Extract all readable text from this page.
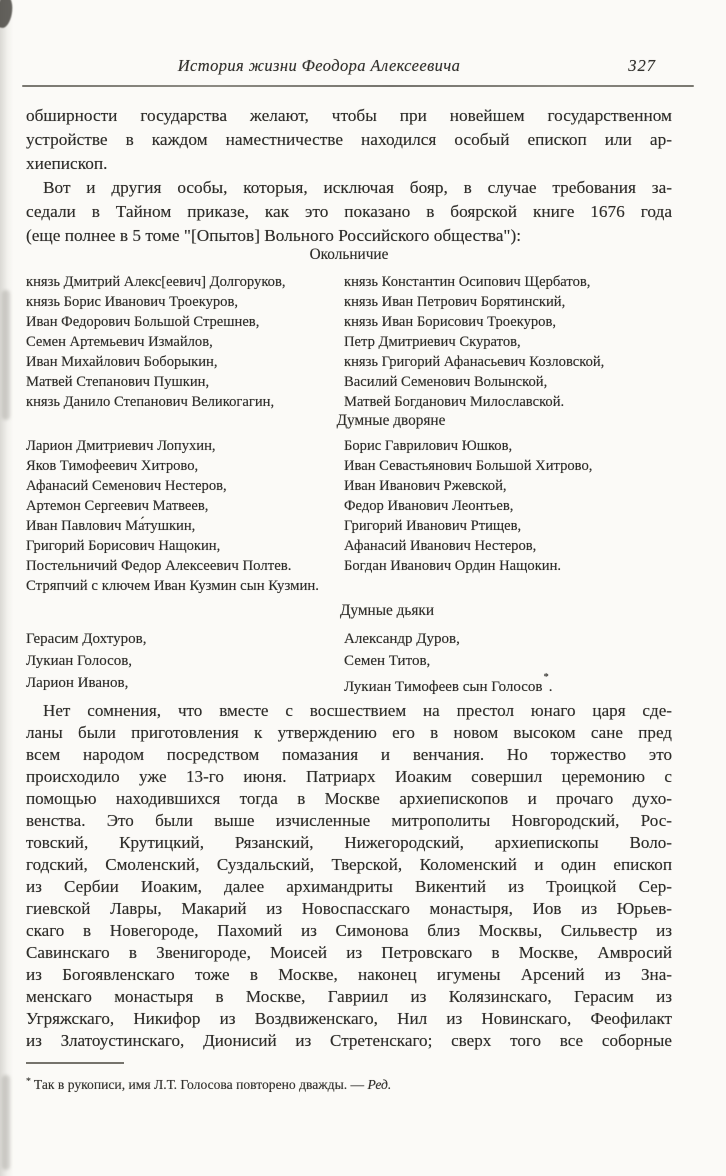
История жизни Феодора Алексеевича	327
обширности государства желают, чтобы при новейшем государственном
устройстве в каждом наместничестве находился особый епископ или ар-
хиепископ.
Вот и другия особы, которыя, исключая бояр, в случае требования за-
седали в Тайном приказе, как это показано в боярской книге 1676 года
(еще полнее в 5 томе "[Опытов] Вольного Российского общества"):
Окольничие
князь Дмитрий Алекс[еевич] Долгоруков,
князь Борис Иванович Троекуров,
Иван Федорович Большой Стрешнев,
Семен Артемьевич Измайлов,
Иван Михайлович Боборыкин,
Матвей Степанович Пушкин,
князь Данило Степанович Великогагин,
князь Константин Осипович Щербатов,
князь Иван Петрович Борятинский,
князь Иван Борисович Троекуров,
Петр Дмитриевич Скуратов,
князь Григорий Афанасьевич Козловской,
Василий Семенович Волынской,
Матвей Богданович Милославской.
Думные дворяне
Ларион Дмитриевич Лопухин,
Яков Тимофеевич Хитрово,
Афанасий Семенович Нестеров,
Артемон Сергеевич Матвеев,
Иван Павлович Ма́тушкин,
Григорий Борисович Нащокин,
Борис Гаврилович Юшков,
Иван Севастьянович Большой Хитрово,
Иван Иванович Ржевской,
Федор Иванович Леонтьев,
Григорий Иванович Ртищев,
Афанасий Иванович Нестеров,
Богдан Иванович Ордин Нащокин.
Постельничий Федор Алексеевич Полтев.
Стряпчий с ключем Иван Кузмин сын Кузмин.
Думные дьяки
Герасим Дохтуров,
Лукиан Голосов,
Ларион Иванов,
Александр Дуров,
Семен Титов,
Лукиан Тимофеев сын Голосов*.
Нет сомнения, что вместе с восшествием на престол юнаго царя сде-
ланы были приготовления к утверждению его в новом высоком сане пред
всем народом посредством помазания и венчания. Но торжество это
происходило уже 13-го июня. Патриарх Иоаким совершил церемонию с
помощью находившихся тогда в Москве архиепископов и прочаго духо-
венства. Это были выше изчисленные митрополиты Новгородский, Рос-
товский, Крутицкий, Рязанский, Нижегородский, архиепископы Воло-
годский, Смоленский, Суздальский, Тверской, Коломенский и один епископ
из Сербии Иоаким, далее архимандриты Викентий из Троицкой Сер-
гиевской Лавры, Макарий из Новоспасскаго монастыря, Иов из Юрьев-
скаго в Новегороде, Пахомий из Симонова близ Москвы, Сильвестр из
Савинскаго в Звенигороде, Моисей из Петровскаго в Москве, Амвросий
из Богоявленскаго тоже в Москве, наконец игумены Арсений из Зна-
менскаго монастыря в Москве, Гавриил из Колязинскаго, Герасим из
Угряжскаго, Никифор из Воздвиженскаго, Нил из Новинскаго, Феофилакт
из Златоустинскаго, Дионисий из Стретенскаго; сверх того все соборные
* Так в рукописи, имя Л.Т. Голосова повторено дважды. — Ред.
